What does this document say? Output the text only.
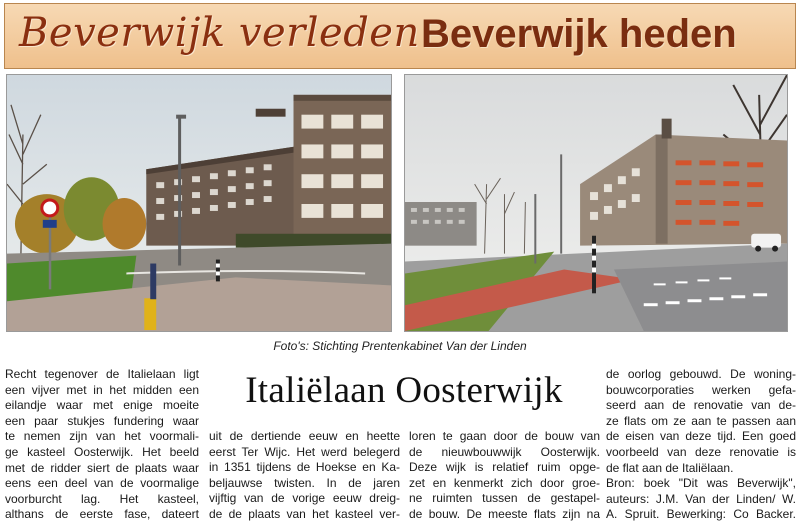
Beverwijk verleden Beverwijk heden
Foto's: Stichting Prentenkabinet Van der Linden
Italiëlaan Oosterwijk
Recht tegenover de Italielaan ligt
een vijver met in het midden een
eilandje waar met enige moeite
een paar stukjes fundering waar
te nemen zijn van het voormali-
ge kasteel Oosterwijk. Het beeld
met de ridder siert de plaats waar
eens een deel van de voormalige
voorburcht lag. Het kasteel,
althans de eerste fase, dateert
uit de dertiende eeuw en heette
eerst Ter Wijc. Het werd belegerd
in 1351 tijdens de Hoekse en Ka-
beljauwse twisten. In de jaren
vijftig van de vorige eeuw dreig-
de de plaats van het kasteel ver-
loren te gaan door de bouw van
de nieuwbouwwijk Oosterwijk.
Deze wijk is relatief ruim opge-
zet en kenmerkt zich door groe-
ne ruimten tussen de gestapel-
de bouw. De meeste flats zijn na
de oorlog gebouwd. De woning-
bouwcorporaties werken gefa-
seerd aan de renovatie van de-
ze flats om ze aan te passen aan
de eisen van deze tijd. Een goed
voorbeeld van deze renovatie is
de flat aan de Italiëlaan.
Bron: boek "Dit was Beverwijk",
auteurs: J.M. Van der Linden/ W.
A. Spruit. Bewerking: Co Backer.
